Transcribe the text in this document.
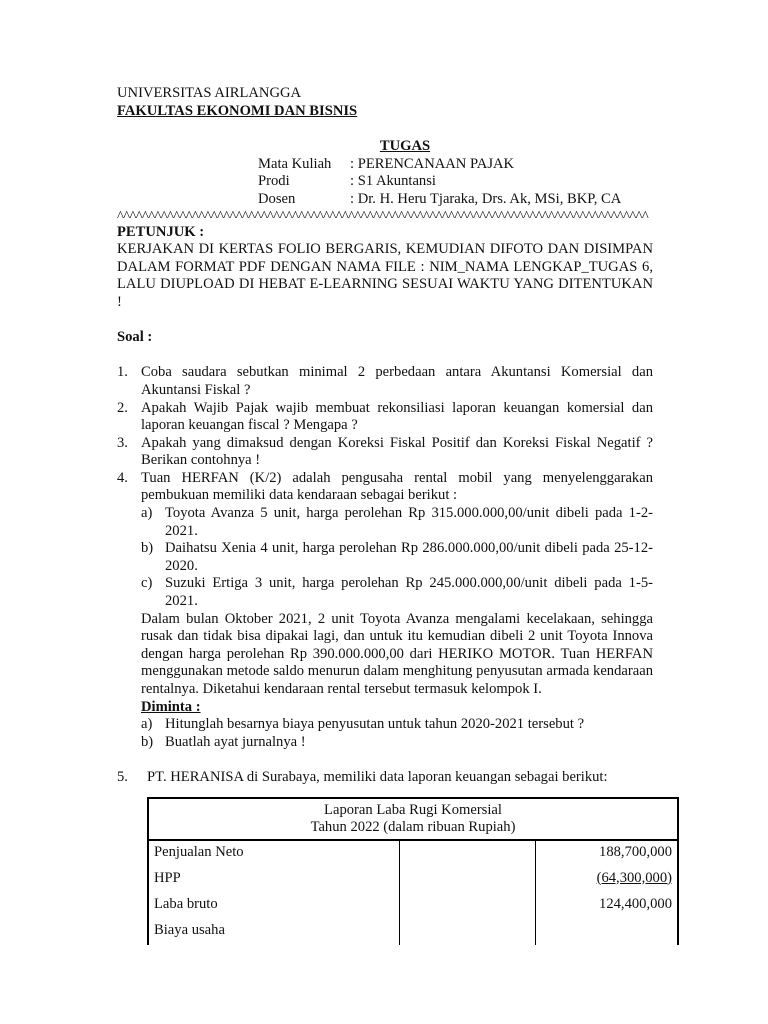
UNIVERSITAS AIRLANGGA
FAKULTAS EKONOMI DAN BISNIS
TUGAS
Mata Kuliah	: PERENCANAAN PAJAK
Prodi	: S1 Akuntansi
Dosen	: Dr. H. Heru Tjaraka, Drs. Ak, MSi, BKP, CA
^^^^^^^^^^^^^^^^^^^^^^^^^^^^^^^^^^^^^^^^^^^^^^^^^^^^^^^^^^^^^^^^^^^^^^^^^^^^^^^^^^^^^
PETUNJUK :
KERJAKAN DI KERTAS FOLIO BERGARIS, KEMUDIAN DIFOTO DAN DISIMPAN DALAM FORMAT PDF DENGAN NAMA FILE : NIM_NAMA LENGKAP_TUGAS 6, LALU DIUPLOAD DI HEBAT E-LEARNING SESUAI WAKTU YANG DITENTUKAN !
Soal :
1. Coba saudara sebutkan minimal 2 perbedaan antara Akuntansi Komersial dan Akuntansi Fiskal ?
2. Apakah Wajib Pajak wajib membuat rekonsiliasi laporan keuangan komersial dan laporan keuangan fiscal ? Mengapa ?
3. Apakah yang dimaksud dengan Koreksi Fiskal Positif dan Koreksi Fiskal Negatif ? Berikan contohnya !
4. Tuan HERFAN (K/2) adalah pengusaha rental mobil yang menyelenggarakan pembukuan memiliki data kendaraan sebagai berikut :
a) Toyota Avanza 5 unit, harga perolehan Rp 315.000.000,00/unit dibeli pada 1-2-2021.
b) Daihatsu Xenia 4 unit, harga perolehan Rp 286.000.000,00/unit dibeli pada 25-12-2020.
c) Suzuki Ertiga 3 unit, harga perolehan Rp 245.000.000,00/unit dibeli pada 1-5-2021.
Dalam bulan Oktober 2021, 2 unit Toyota Avanza mengalami kecelakaan, sehingga rusak dan tidak bisa dipakai lagi, dan untuk itu kemudian dibeli 2 unit Toyota Innova dengan harga perolehan Rp 390.000.000,00 dari HERIKO MOTOR. Tuan HERFAN menggunakan metode saldo menurun dalam menghitung penyusutan armada kendaraan rentalnya. Diketahui kendaraan rental tersebut termasuk kelompok I.
Diminta :
a) Hitunglah besarnya biaya penyusutan untuk tahun 2020-2021 tersebut ?
b) Buatlah ayat jurnalnya !
5.	PT. HERANISA di Surabaya, memiliki data laporan keuangan sebagai berikut:
Laporan Laba Rugi Komersial
Tahun 2022 (dalam ribuan Rupiah)		

Penjualan Neto		188,700,000
HPP		(64,300,000)
Laba bruto		124,400,000
Biaya usaha		
